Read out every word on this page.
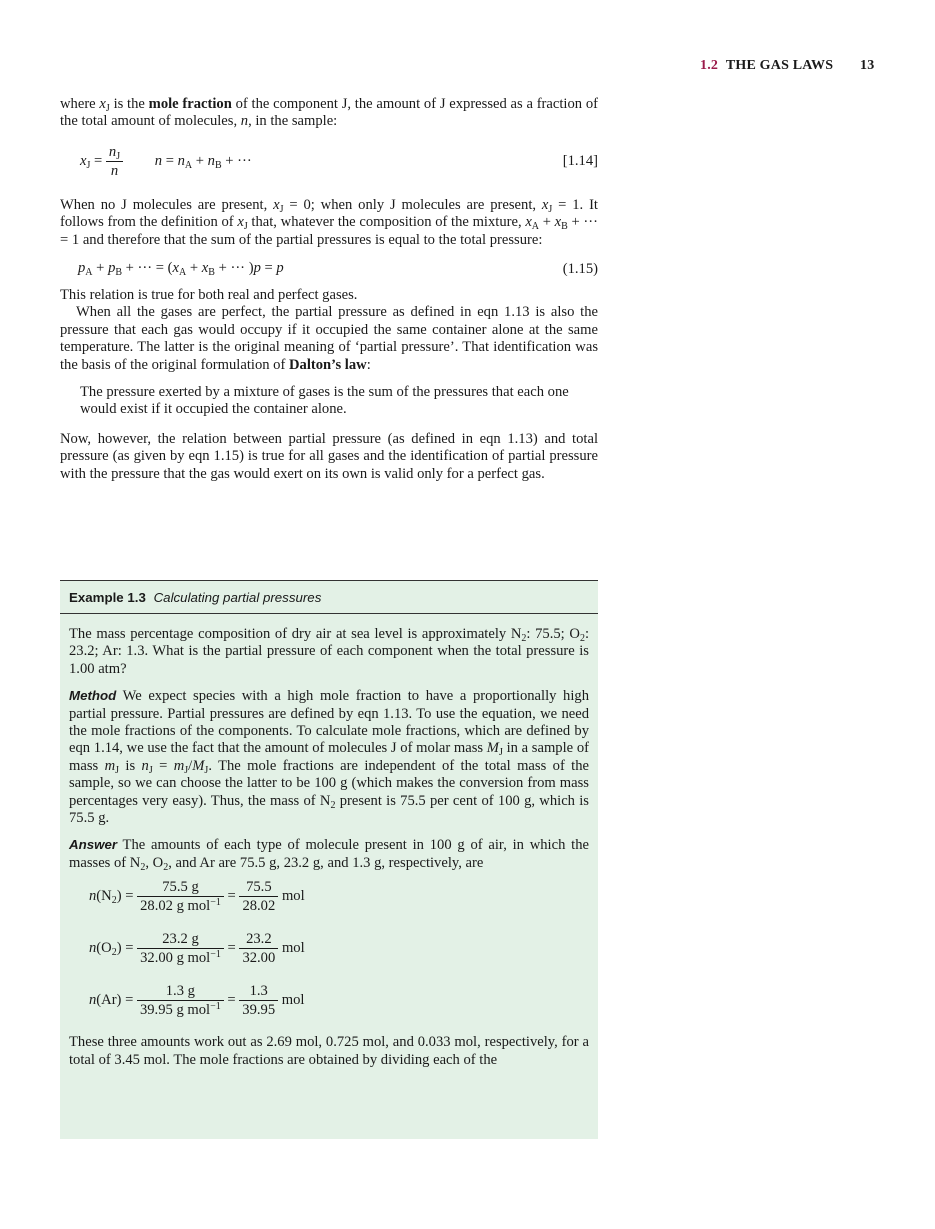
1.2 THE GAS LAWS 13

where $x_J$ is the mole fraction of the component J, the amount of J expressed as a fraction of the total amount of molecules, n, in the sample:

$x_J = \frac{n_J}{n}$ $n = n_A + n_B$ + ···	[1.14]

When no J molecules are present, $x_J = 0$; when only J molecules are present, $x_J = 1$. It follows from the definition of $x_J$ that, whatever the composition of the mixture, $x_A + x_B$ + ··· = 1 and therefore that the sum of the partial pressures is equal to the total pressure:

$p_A + p_B$ + ··· = ($x_A + x_B$ + ··· )p = p	(1.15)

This relation is true for both real and perfect gases.

When all the gases are perfect, the partial pressure as defined in eqn 1.13 is also the pressure that each gas would occupy if it occupied the same container alone at the same temperature. The latter is the original meaning of ‘partial pressure’. That identification was the basis of the original formulation of Dalton’s law:

The pressure exerted by a mixture of gases is the sum of the pressures that each one would exist if it occupied the container alone.

Now, however, the relation between partial pressure (as defined in eqn 1.13) and total pressure (as given by eqn 1.15) is true for all gases and the identification of partial pressure with the pressure that the gas would exert on its own is valid only for a perfect gas.

Example 1.3 Calculating partial pressures

The mass percentage composition of dry air at sea level is approximately $N_2$: 75.5; $O_2$: 23.2; Ar: 1.3. What is the partial pressure of each component when the total pressure is 1.00 atm?

Method We expect species with a high mole fraction to have a proportionally high partial pressure. Partial pressures are defined by eqn 1.13. To use the equation, we need the mole fractions of the components. To calculate mole fractions, which are defined by eqn 1.14, we use the fact that the amount of molecules J of molar mass $M_J$ in a sample of mass $m_J$ is $n_J = m_J/M_J$. The mole fractions are independent of the total mass of the sample, so we can choose the latter to be 100 g (which makes the conversion from mass percentages very easy). Thus, the mass of $N_2$ present is 75.5 per cent of 100 g, which is 75.5 g.

Answer The amounts of each type of molecule present in 100 g of air, in which the masses of $N_2$, $O_2$, and Ar are 75.5 g, 23.2 g, and 1.3 g, respectively, are

$n(N_2) = \frac{75.5 g}{28.02 g mol^{-1}} = \frac{75.5}{28.02}$ mol
$n(O_2) = \frac{23.2 g}{32.00 g mol^{-1}} = \frac{23.2}{32.00}$ mol
$n(Ar) = \frac{1.3 g}{39.95 g mol^{-1}} = \frac{1.3}{39.95}$ mol

These three amounts work out as 2.69 mol, 0.725 mol, and 0.033 mol, respectively, for a total of 3.45 mol. The mole fractions are obtained by dividing each of the
